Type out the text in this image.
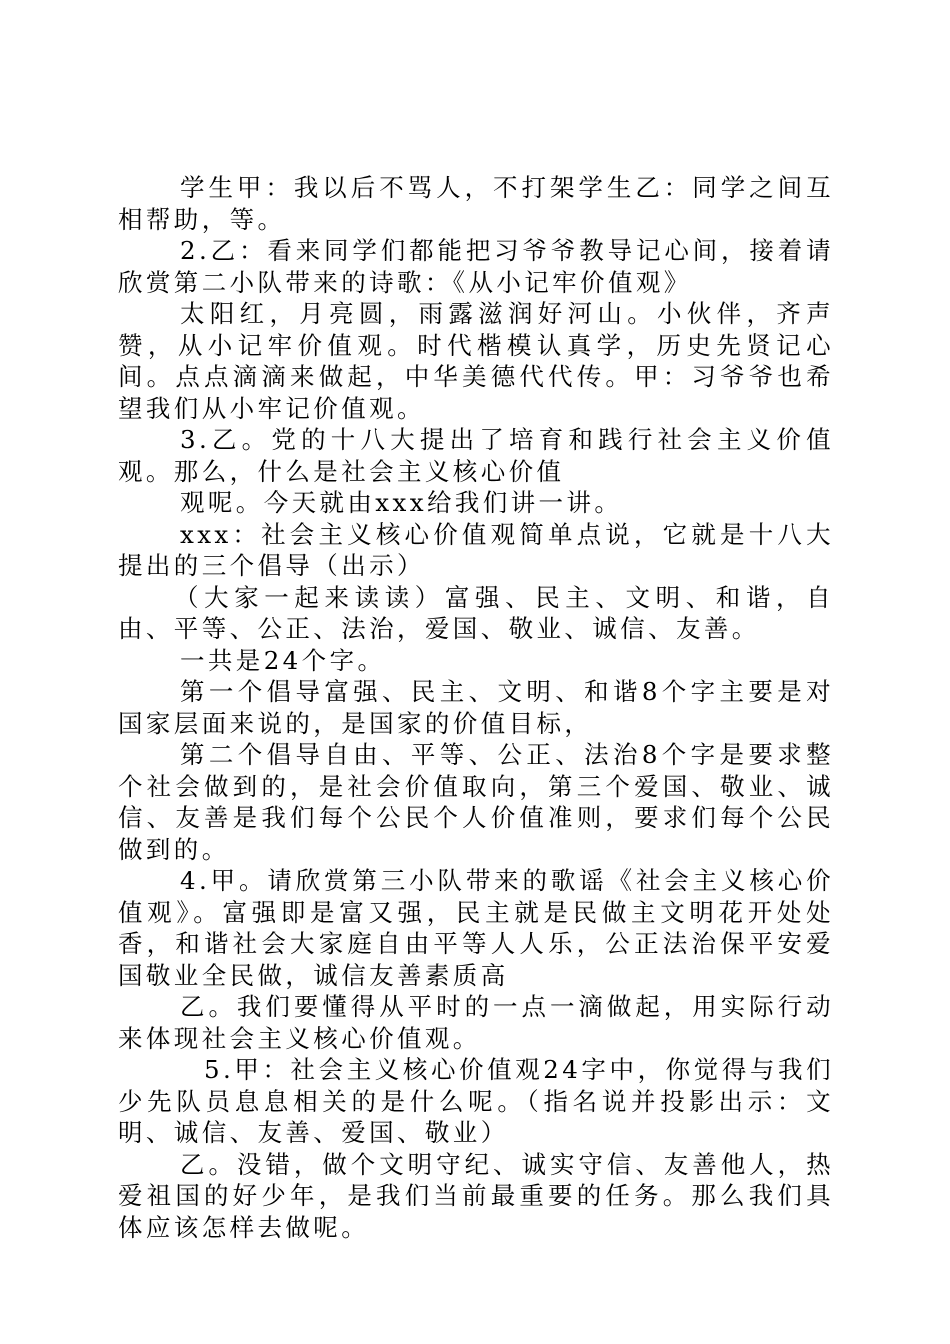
学生甲：我以后不骂人，不打架学生乙：同学之间互相帮助，等。

2.乙：看来同学们都能把习爷爷教导记心间，接着请欣赏第二小队带来的诗歌：《从小记牢价值观》

太阳红，月亮圆，雨露滋润好河山。小伙伴，齐声赞，从小记牢价值观。时代楷模认真学，历史先贤记心间。点点滴滴来做起，中华美德代代传。甲：习爷爷也希望我们从小牢记价值观。

3.乙。党的十八大提出了培育和践行社会主义价值观。那么，什么是社会主义核心价值

观呢。今天就由xxx给我们讲一讲。

xxx：社会主义核心价值观简单点说，它就是十八大提出的三个倡导（出示）

（大家一起来读读）富强、民主、文明、和谐，自由、平等、公正、法治，爱国、敬业、诚信、友善。

一共是24个字。

第一个倡导富强、民主、文明、和谐8个字主要是对国家层面来说的，是国家的价值目标，

第二个倡导自由、平等、公正、法治8个字是要求整个社会做到的，是社会价值取向，第三个爱国、敬业、诚信、友善是我们每个公民个人价值准则，要求们每个公民做到的。

4.甲。请欣赏第三小队带来的歌谣《社会主义核心价值观》。富强即是富又强，民主就是民做主文明花开处处香，和谐社会大家庭自由平等人人乐，公正法治保平安爱国敬业全民做，诚信友善素质高

乙。我们要懂得从平时的一点一滴做起，用实际行动来体现社会主义核心价值观。

5.甲：社会主义核心价值观24字中，你觉得与我们少先队员息息相关的是什么呢。（指名说并投影出示：文明、诚信、友善、爱国、敬业）

乙。没错，做个文明守纪、诚实守信、友善他人，热爱祖国的好少年，是我们当前最重要的任务。那么我们具体应该怎样去做呢。
